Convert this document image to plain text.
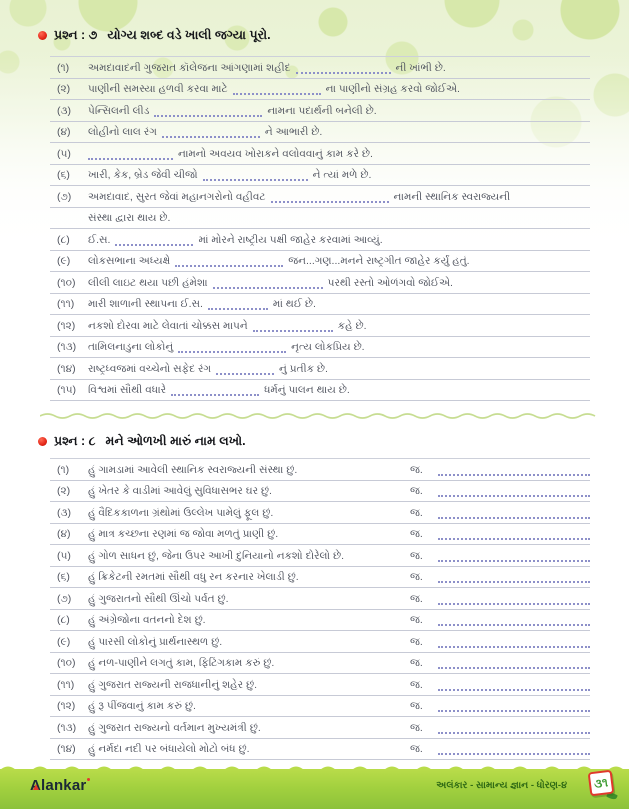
પ્રશ્ન : ૭ યોગ્ય શબ્દ વડે ખાલી જગ્યા પૂરો.
(૧)	અમદાવાદની ગુજરાત કૉલેજના આંગણામાં શહીદ	ની ખાંભી છે.
(૨)	પાણીની સમસ્યા હળવી કરવા માટે	ના પાણીનો સંગ્રહ કરવો જોઈએ.
(૩)	પેન્સિલની લીડ	નામના પદાર્થની બનેલી છે.
(૪)	લોહીનો લાલ રંગ	ને આભારી છે.
(૫)	નામનો અવયવ ખોરાકને વલોવવાનું કામ કરે છે.
(૬)	ખારી, કેક, બ્રેડ જેવી ચીજો	ને ત્યાં મળે છે.
(૭)	અમદાવાદ, સુરત જેવાં મહાનગરોનો વહીવટ	નામની સ્થાનિક સ્વરાજ્યની
સંસ્થા દ્વારા થાય છે.
(૮)	ઈ.સ.	માં મોરને રાષ્ટ્રીય પક્ષી જાહેર કરવામાં આવ્યું.
(૯)	લોકસભાના અધ્યક્ષે	જન...ગણ...મનને રાષ્ટ્રગીત જાહેર કર્યું હતું.
(૧૦)	લીલી લાઇટ થયા પછી હંમેશા	પરથી રસ્તો ઓળંગવો જોઈએ.
(૧૧)	મારી શાળાની સ્થાપના ઈ.સ.	માં થઈ છે.
(૧૨)	નકશો દોરવા માટે લેવાતાં ચોક્કસ માપને	કહે છે.
(૧૩)	તામિલનાડુના લોકોનું	નૃત્ય લોકપ્રિય છે.
(૧૪)	રાષ્ટ્રધ્વજમાં વચ્ચેનો સફેદ રંગ	નું પ્રતીક છે.
(૧૫)	વિશ્વમાં સૌથી વધારે	ધર્મનું પાલન થાય છે.
પ્રશ્ન : ૮ મને ઓળખી મારું નામ લખો.
(૧)	હું ગામડામાં આવેલી સ્થાનિક સ્વરાજ્યની સંસ્થા છું.	જ.
(૨)	હું ખેતર કે વાડીમાં આવેલું સુવિધાસભર ઘર છું.	જ.
(૩)	હું વૈદિકકાળના ગ્રંથોમાં ઉલ્લેખ પામેલું ફૂલ છું.	જ.
(૪)	હું માત્ર કચ્છના રણમાં જ જોવા મળતું પ્રાણી છું.	જ.
(૫)	હું ગોળ સાધન છું, જેના ઉપર આખી દુનિયાનો નકશો દોરેલો છે.	જ.
(૬)	હું ક્રિકેટની રમતમાં સૌથી વધુ રન કરનાર ખેલાડી છું.	જ.
(૭)	હું ગુજરાતનો સૌથી ઊંચો પર્વત છું.	જ.
(૮)	હું અંગ્રેજોના વતનનો દેશ છું.	જ.
(૯)	હું પારસી લોકોનું પ્રાર્થનાસ્થળ છું.	જ.
(૧૦)	હું નળ-પાણીને લગતું કામ, ફિટિંગકામ કરું છું.	જ.
(૧૧)	હું ગુજરાત રાજ્યની રાજધાનીનું શહેર છું.	જ.
(૧૨)	હું રૂ પીંજવાનું કામ કરું છું.	જ.
(૧૩)	હું ગુજરાત રાજ્યનો વર્તમાન મુખ્યમંત્રી છું.	જ.
(૧૪)	હું નર્મદા નદી પર બંધાયેલો મોટો બંધ છું.	જ.
Alankar	અલંકાર - સામાન્ય જ્ઞાન - ધોરણ-૪	૩૧
